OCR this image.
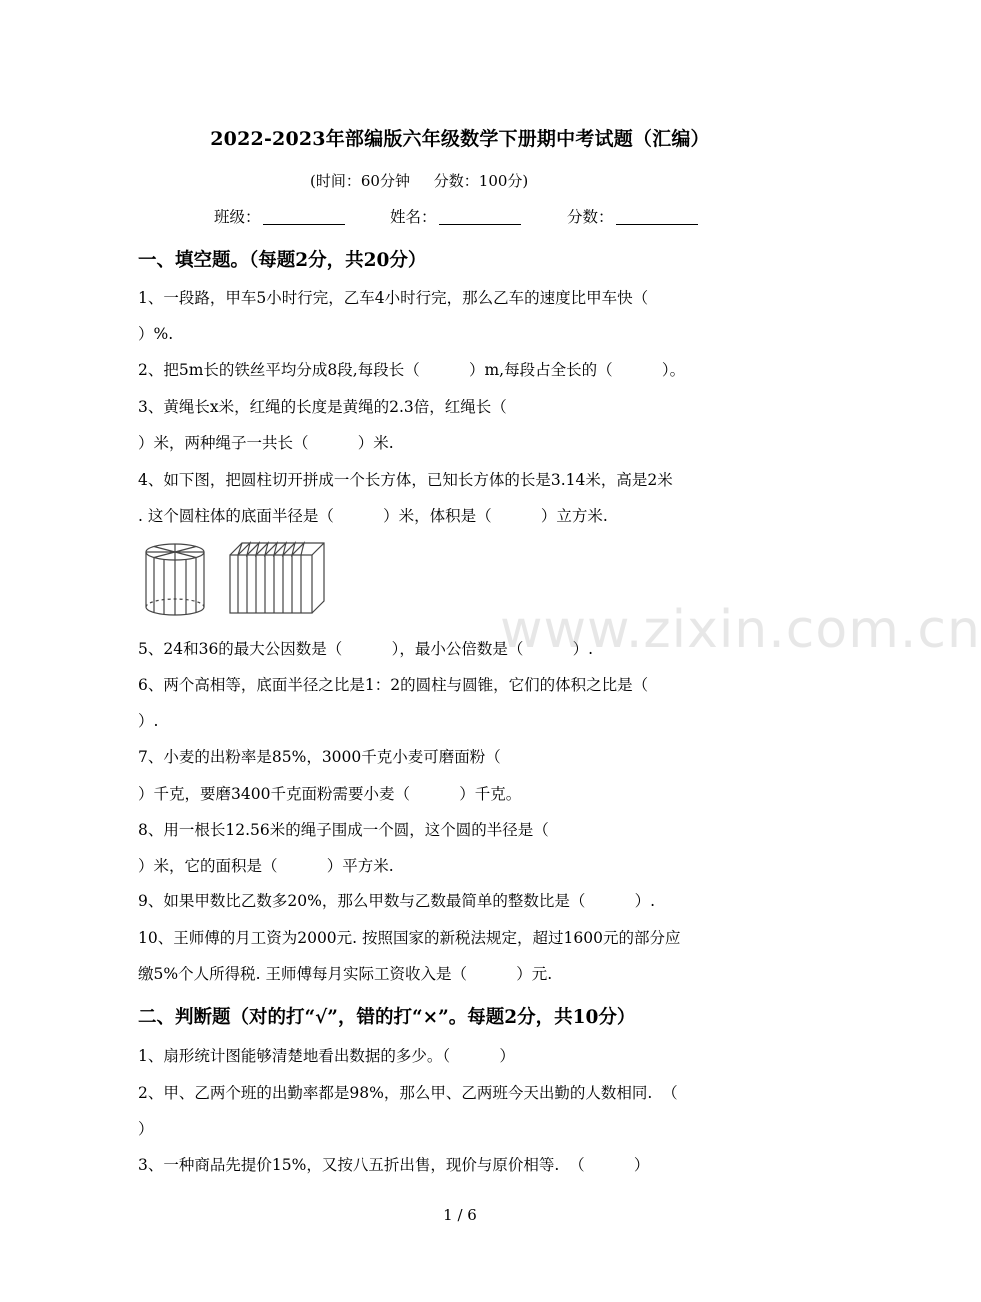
2022-2023年部编版六年级数学下册期中考试题（汇编）
(时间：60分钟     分数：100分)
班级：	姓名：	分数：
一、填空题。（每题2分，共20分）
1、一段路，甲车5小时行完，乙车4小时行完，那么乙车的速度比甲车快（
）%.
2、把5m长的铁丝平均分成8段,每段长（          ）m,每段占全长的（          ）。
3、黄绳长x米，红绳的长度是黄绳的2.3倍，红绳长（
）米，两种绳子一共长（          ）米.
4、如下图，把圆柱切开拼成一个长方体，已知长方体的长是3.14米，高是2米
. 这个圆柱体的底面半径是（          ）米，体积是（          ）立方米.
5、24和36的最大公因数是（          ），最小公倍数是（          ）.
6、两个高相等，底面半径之比是1：2的圆柱与圆锥，它们的体积之比是（
）.
7、小麦的出粉率是85%，3000千克小麦可磨面粉（
）千克，要磨3400千克面粉需要小麦（          ）千克。
8、用一根长12.56米的绳子围成一个圆，这个圆的半径是（
）米，它的面积是（          ）平方米.
9、如果甲数比乙数多20%，那么甲数与乙数最简单的整数比是（          ）.
10、王师傅的月工资为2000元. 按照国家的新税法规定，超过1600元的部分应
缴5%个人所得税. 王师傅每月实际工资收入是（          ）元.
二、判断题（对的打“√”，错的打“×”。每题2分，共10分）
1、扇形统计图能够清楚地看出数据的多少。（          ）
2、甲、乙两个班的出勤率都是98%，那么甲、乙两班今天出勤的人数相同.  （
）
3、一种商品先提价15%，又按八五折出售，现价与原价相等.  （          ）
www.zixin.com.cn
1 / 6
